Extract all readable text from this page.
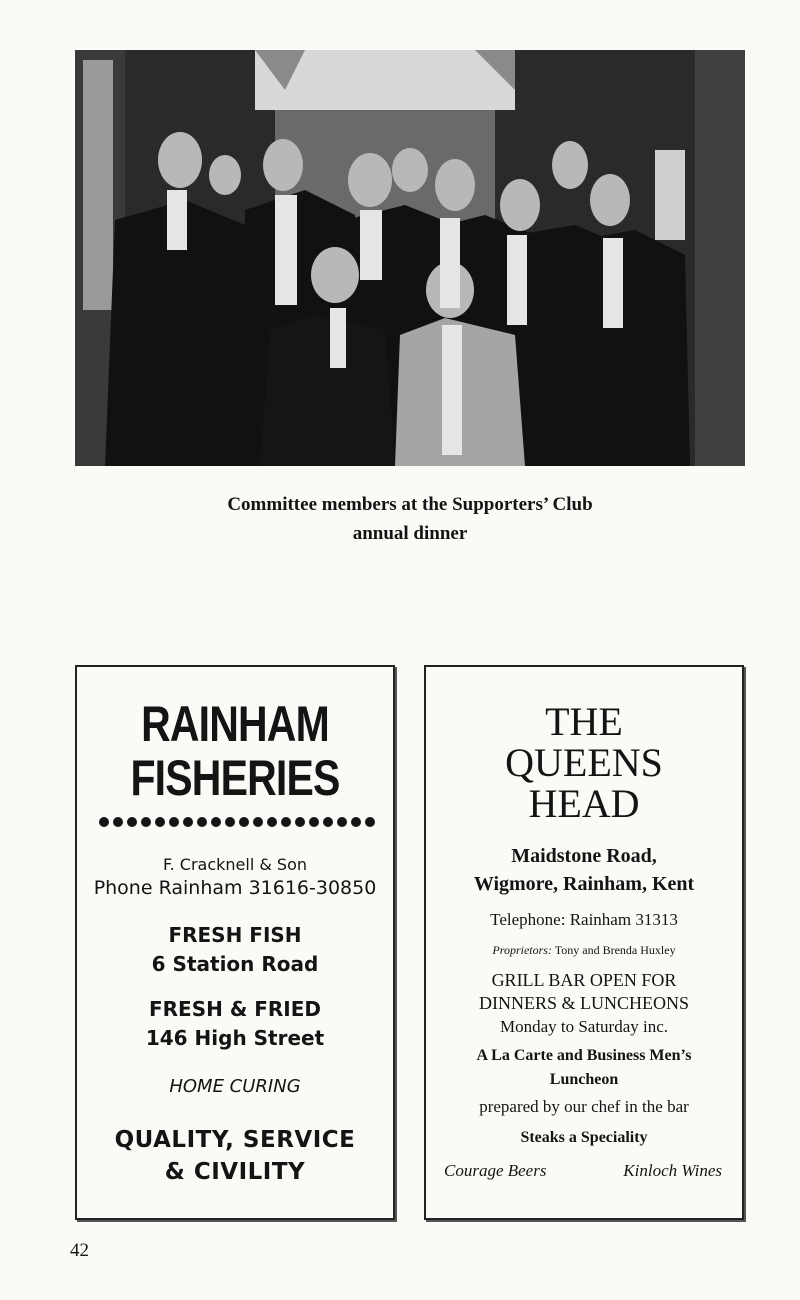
Committee members at the Supporters’ Club
annual dinner
RAINHAM
FISHERIES
F. Cracknell & Son
Phone Rainham 31616-30850
FRESH FISH
6 Station Road
FRESH & FRIED
146 High Street
HOME CURING
QUALITY, SERVICE
& CIVILITY
THE
QUEENS
HEAD
Maidstone Road,
Wigmore, Rainham, Kent
Telephone: Rainham 31313
Proprietors: Tony and Brenda Huxley
GRILL BAR OPEN FOR
DINNERS & LUNCHEONS
Monday to Saturday inc.
A La Carte and Business Men’s
Luncheon
prepared by our chef in the bar
Steaks a Speciality
Courage Beers	Kinloch Wines
42
